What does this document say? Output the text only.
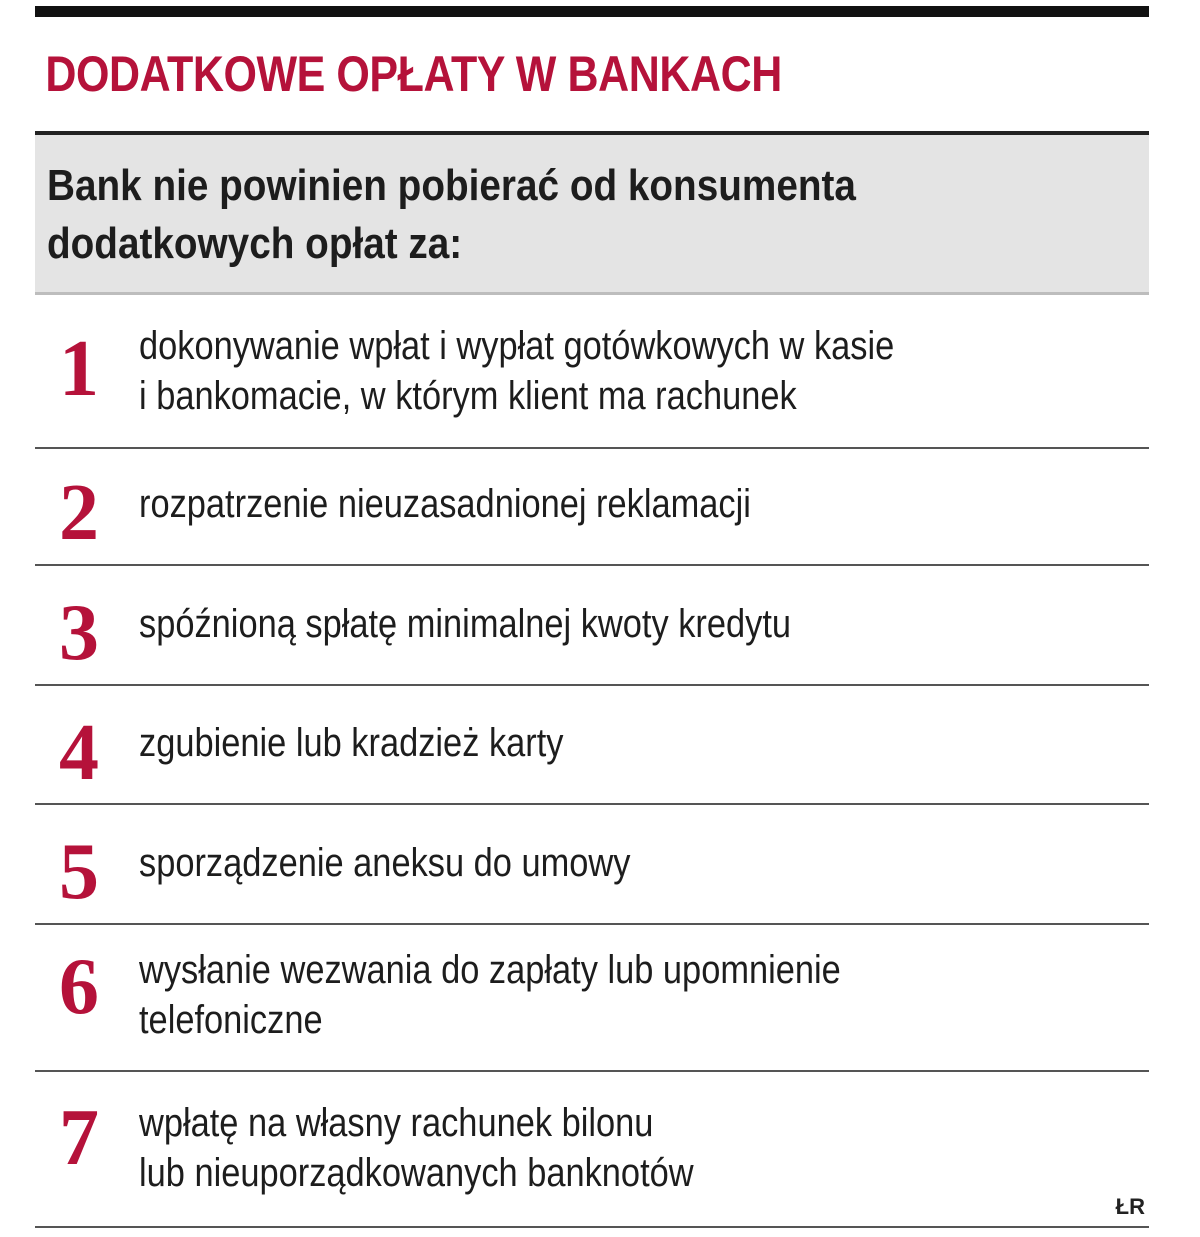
DODATKOWE OPŁATY W BANKACH
Bank nie powinien pobierać od konsumenta dodatkowych opłat za:
1	dokonywanie wpłat i wypłat gotówkowych w kasie
i bankomacie, w którym klient ma rachunek
2	rozpatrzenie nieuzasadnionej reklamacji
3	spóźnioną spłatę minimalnej kwoty kredytu
4	zgubienie lub kradzież karty
5	sporządzenie aneksu do umowy
6	wysłanie wezwania do zapłaty lub upomnienie
telefoniczne
7	wpłatę na własny rachunek bilonu
lub nieuporządkowanych banknotów
ŁR
